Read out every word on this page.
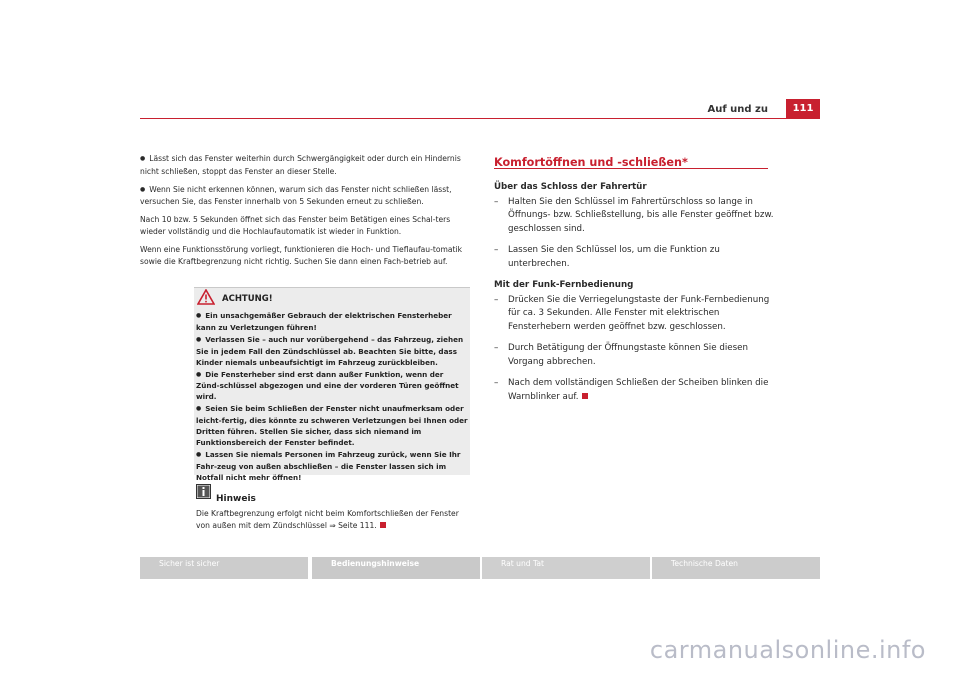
Auf und zu	111

● Lässt sich das Fenster weiterhin durch Schwergängigkeit oder durch ein Hindernis nicht schließen, stoppt das Fenster an dieser Stelle.

● Wenn Sie nicht erkennen können, warum sich das Fenster nicht schließen lässt, versuchen Sie, das Fenster innerhalb von 5 Sekunden erneut zu schließen.

Nach 10 bzw. 5 Sekunden öffnet sich das Fenster beim Betätigen eines Schal-ters wieder vollständig und die Hochlaufautomatik ist wieder in Funktion.

Wenn eine Funktionsstörung vorliegt, funktionieren die Hoch- und Tieflaufau-tomatik sowie die Kraftbegrenzung nicht richtig. Suchen Sie dann einen Fach-betrieb auf.

ACHTUNG!

● Ein unsachgemäßer Gebrauch der elektrischen Fensterheber kann zu Verletzungen führen!

● Verlassen Sie – auch nur vorübergehend – das Fahrzeug, ziehen Sie in jedem Fall den Zündschlüssel ab. Beachten Sie bitte, dass Kinder niemals unbeaufsichtigt im Fahrzeug zurückbleiben.

● Die Fensterheber sind erst dann außer Funktion, wenn der Zünd-schlüssel abgezogen und eine der vorderen Türen geöffnet wird.

● Seien Sie beim Schließen der Fenster nicht unaufmerksam oder leicht-fertig, dies könnte zu schweren Verletzungen bei Ihnen oder Dritten führen. Stellen Sie sicher, dass sich niemand im Funktionsbereich der Fenster befindet.

● Lassen Sie niemals Personen im Fahrzeug zurück, wenn Sie Ihr Fahr-zeug von außen abschließen – die Fenster lassen sich im Notfall nicht mehr öffnen!

Hinweis
Die Kraftbegrenzung erfolgt nicht beim Komfortschließen der Fenster von außen mit dem Zündschlüssel ⇒ Seite 111.
Komfortöffnen und -schließen*

Über das Schloss der Fahrertür

– Halten Sie den Schlüssel im Fahrertürschloss so lange in Öffnungs- bzw. Schließstellung, bis alle Fenster geöffnet bzw. geschlossen sind.

– Lassen Sie den Schlüssel los, um die Funktion zu unterbrechen.

Mit der Funk-Fernbedienung

– Drücken Sie die Verriegelungstaste der Funk-Fernbedienung für ca. 3 Sekunden. Alle Fenster mit elektrischen Fensterhebern werden geöffnet bzw. geschlossen.

– Durch Betätigung der Öffnungstaste können Sie diesen Vorgang abbrechen.

– Nach dem vollständigen Schließen der Scheiben blinken die Warnblinker auf.

Sicher ist sicher	Bedienungshinweise	Rat und Tat	Technische Daten
carmanualsonline.info
